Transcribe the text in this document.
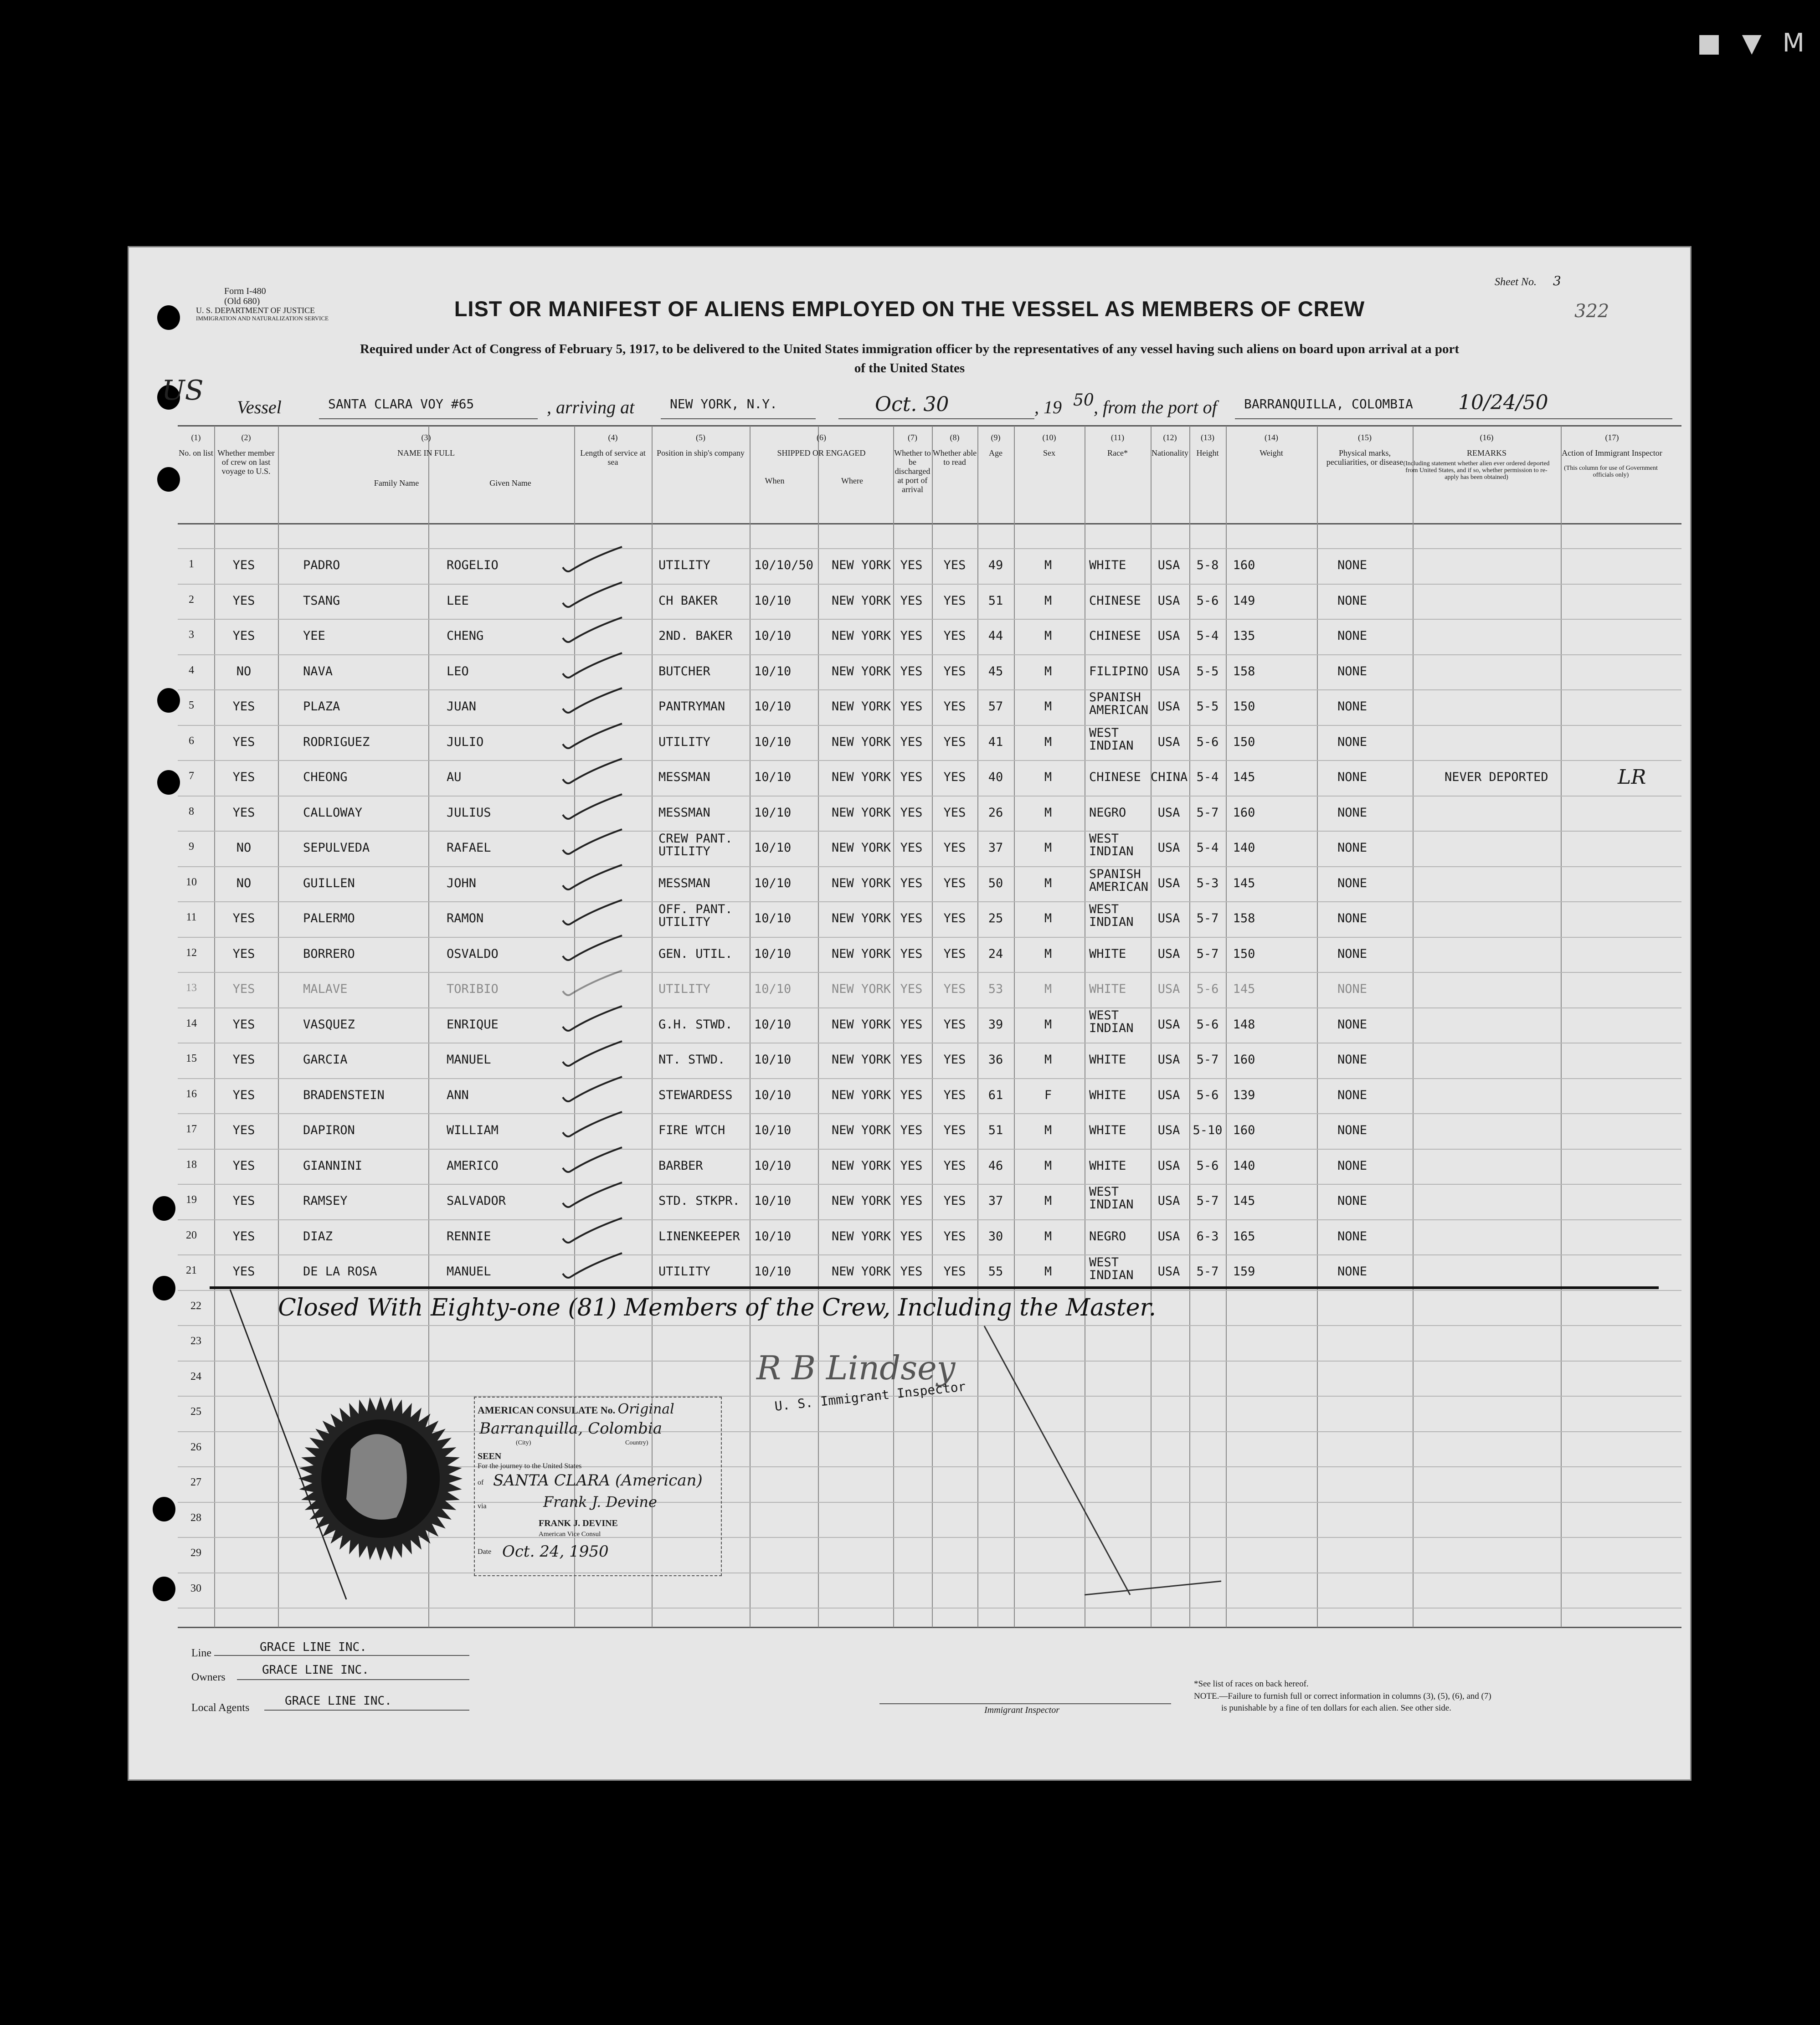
■ ▼ M
Form I-480
(Old 680)
U. S. DEPARTMENT OF JUSTICE
IMMIGRATION AND NATURALIZATION SERVICE
Sheet No. 3
322
LIST OR MANIFEST OF ALIENS EMPLOYED ON THE VESSEL AS MEMBERS OF CREW
Required under Act of Congress of February 5, 1917, to be delivered to the United States immigration officer by the representatives of any vessel having such aliens on board upon arrival at a port
of the United States
US
Vessel	SANTA CLARA VOY #65	, arriving at	NEW YORK, N.Y.	Oct. 30	, 19 50 , from the port of BARRANQUILLA, COLOMBIA 10/24/50
(1)
No. on list
(2)
Whether member of crew on last voyage to U.S.
(3)
NAME IN FULL
(4)
Length of service at sea
(5)
Position in ship's company
(6)
SHIPPED OR ENGAGED
(7)
Whether to be discharged at port of arrival
(8)
Whether able to read
(9)
Age
(10)
Sex
(11)
Race*
(12)
Nationality
(13)
Height
(14)
Weight
(15)
Physical marks, peculiarities, or disease
(16)
REMARKS
(17)
Action of Immigrant Inspector
Family Name	Given Name	When	Where
(Including statement whether alien ever ordered deported from United States, and if so, whether permission to re-apply has been obtained)
(This column for use of Government officials only)
1	YES	PADRO	ROGELIO	UTILITY	10/10/50 NEW YORK YES	YES	49	M	WHITE	USA	5-8	160	NONE
2	YES	TSANG	LEE	CH BAKER	10/10	NEW YORK YES	YES	51	M	CHINESE	USA	5-6	149	NONE
3	YES	YEE	CHENG	2ND. BAKER 10/10	NEW YORK YES	YES	44	M	CHINESE	USA	5-4	135	NONE
4	NO	NAVA	LEO	BUTCHER	10/10	NEW YORK YES	YES	45	M	FILIPINO USA	5-5	158	NONE
5	YES	PLAZA	JUAN	PANTRYMAN 10/10	NEW YORK YES	YES	57	M
SPANISH
AMERICAN USA	5-5	150	NONE
6	YES	RODRIGUEZ	JULIO	UTILITY	10/10	NEW YORK YES	YES	41	M
WEST
INDIAN	USA	5-6	150	NONE
7	YES	CHEONG	AU	MESSMAN	10/10	NEW YORK YES	YES	40	M	CHINESE CHINA 5-4	145	NONE	NEVER DEPORTED	LR
8	YES	CALLOWAY	JULIUS	MESSMAN	10/10	NEW YORK YES	YES	26	M	NEGRO	USA	5-7	160	NONE
9	NO	SEPULVEDA	RAFAEL
CREW PANT.
UTILITY	10/10	NEW YORK YES	YES	37	M
WEST
INDIAN	USA	5-4	140	NONE
10	NO	GUILLEN	JOHN	MESSMAN	10/10	NEW YORK YES	YES	50	M
SPANISH
AMERICAN USA	5-3	145	NONE
11	YES	PALERMO	RAMON
OFF. PANT.
UTILITY	10/10	NEW YORK YES	YES	25	M
WEST
INDIAN	USA	5-7	158	NONE
12	YES	BORRERO	OSVALDO	GEN. UTIL. 10/10	NEW YORK YES	YES	24	M	WHITE	USA	5-7	150	NONE
13	YES	MALAVE	TORIBIO	UTILITY	10/10	NEW YORK YES	YES	53	M	WHITE	USA	5-6	145	NONE
14	YES	VASQUEZ	ENRIQUE	G.H. STWD. 10/10	NEW YORK YES	YES	39	M
WEST
INDIAN	USA	5-6	148	NONE
15	YES	GARCIA	MANUEL	NT. STWD. 10/10	NEW YORK YES	YES	36	M	WHITE	USA	5-7	160	NONE
16	YES	BRADENSTEIN	ANN	STEWARDESS 10/10	NEW YORK YES	YES	61	F	WHITE	USA	5-6	139	NONE
17	YES	DAPIRON	WILLIAM	FIRE WTCH 10/10	NEW YORK YES	YES	51	M	WHITE	USA	5-10 160	NONE
18	YES	GIANNINI	AMERICO	BARBER	10/10	NEW YORK YES	YES	46	M	WHITE	USA	5-6	140	NONE
19	YES	RAMSEY	SALVADOR	STD. STKPR. 10/10	NEW YORK YES	YES	37	M
WEST
INDIAN	USA	5-7	145	NONE
20	YES	DIAZ	RENNIE	LINENKEEPER 10/10	NEW YORK YES	YES	30	M	NEGRO	USA	6-3	165	NONE
21	YES	DE LA ROSA	MANUEL	UTILITY	10/10	NEW YORK YES	YES	55	M
WEST
INDIAN	USA	5-7	159	NONE
22
23
24
25
26
27
28
29
30
Closed With Eighty-one (81) Members of the Crew, Including the Master.
R B Lindsey
U. S. Immigrant Inspector
AMERICAN CONSULATE No. Original
Barranquilla, Colombia
(City)	Country)
SEEN
For the journey to the United States
of SANTA CLARA (American)
via	Frank J. Devine
FRANK J. DEVINE
American Vice Consul
Date Oct. 24, 1950
Line	GRACE LINE INC.
Owners
GRACE LINE INC.
Local Agents	GRACE LINE INC.
Immigrant Inspector
*See list of races on back hereof.
NOTE.—Failure to furnish full or correct information in columns (3), (5), (6), and (7)
is punishable by a fine of ten dollars for each alien. See other side.
